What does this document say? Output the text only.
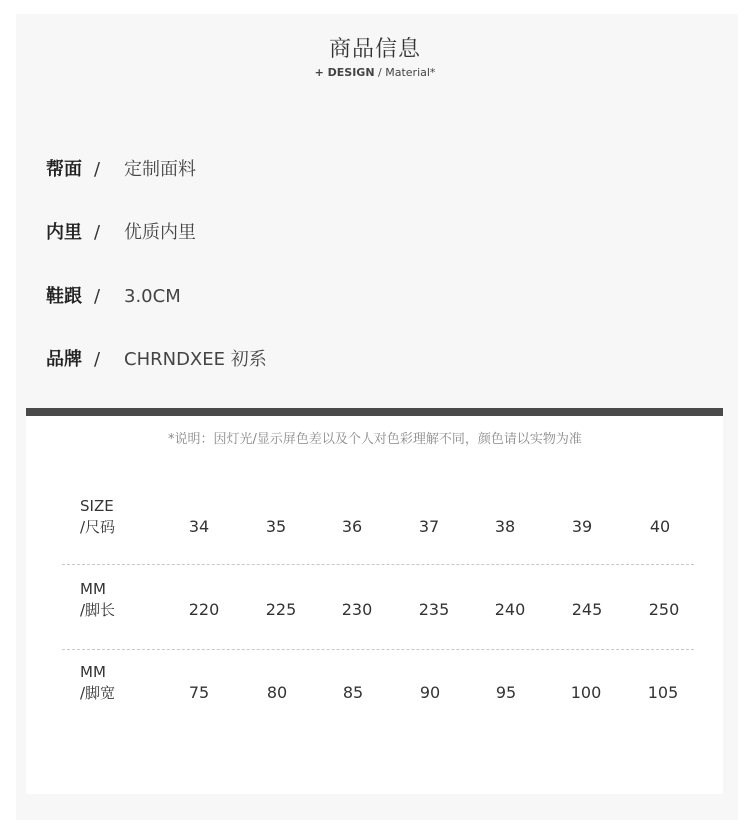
商品信息
+ DESIGN / Material*
帮面 / 定制面料
内里 / 优质内里
鞋跟 / 3.0CM
品牌 / CHRNDXEE 初系
*说明：因灯光/显示屏色差以及个人对色彩理解不同，颜色请以实物为准
SIZE
/尺码	34	35	36	37	38	39	40
MM
/脚长	220	225	230	235	240	245	250
MM
/脚宽	75	80	85	90	95	100	105
